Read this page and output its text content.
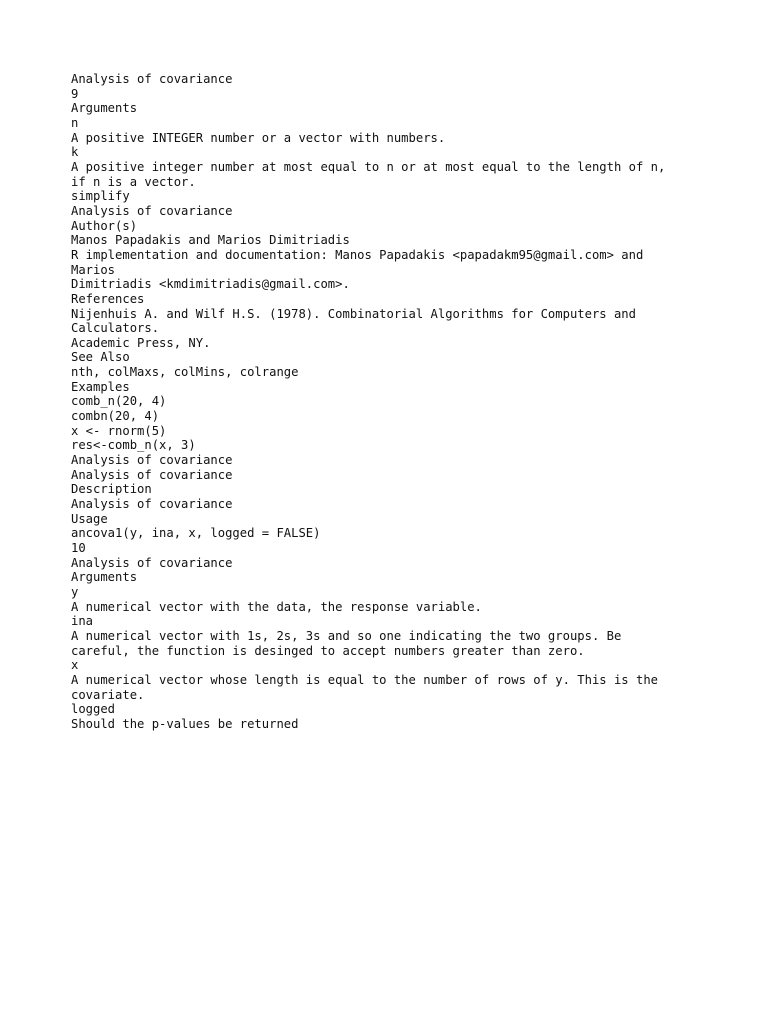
Analysis of covariance
9
Arguments
n
A positive INTEGER number or a vector with numbers.
k
A positive integer number at most equal to n or at most equal to the length of n,
if n is a vector.
simplify
Analysis of covariance
Author(s)
Manos Papadakis and Marios Dimitriadis
R implementation and documentation: Manos Papadakis <papadakm95@gmail.com> and
Marios
Dimitriadis <kmdimitriadis@gmail.com>.
References
Nijenhuis A. and Wilf H.S. (1978). Combinatorial Algorithms for Computers and
Calculators.
Academic Press, NY.
See Also
nth, colMaxs, colMins, colrange
Examples
comb_n(20, 4)
combn(20, 4)
x <- rnorm(5)
res<-comb_n(x, 3)
Analysis of covariance
Analysis of covariance
Description
Analysis of covariance
Usage
ancova1(y, ina, x, logged = FALSE)
10
Analysis of covariance
Arguments
y
A numerical vector with the data, the response variable.
ina
A numerical vector with 1s, 2s, 3s and so one indicating the two groups. Be
careful, the function is desinged to accept numbers greater than zero.
x
A numerical vector whose length is equal to the number of rows of y. This is the
covariate.
logged
Should the p-values be returned
